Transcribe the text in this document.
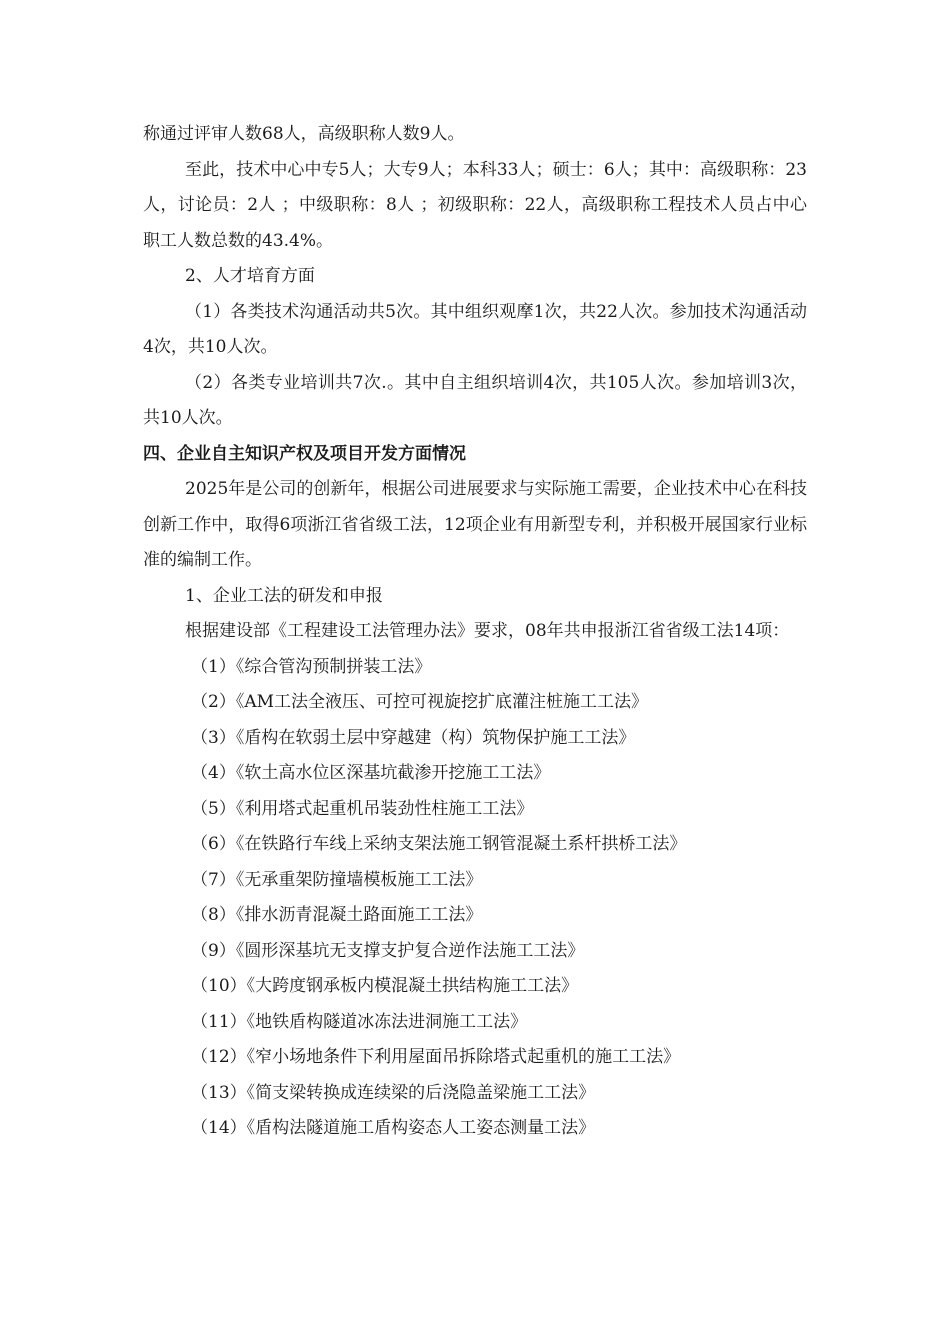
称通过评审人数68人，高级职称人数9人。

至此，技术中心中专5人；大专9人；本科33人；硕士：6人；其中：高级职称：23人，讨论员：2人 ；中级职称：8人 ；初级职称：22人，高级职称工程技术人员占中心职工人数总数的43.4%。

2、人才培育方面

（1）各类技术沟通活动共5次。其中组织观摩1次，共22人次。参加技术沟通活动4次，共10人次。

（2）各类专业培训共7次.。其中自主组织培训4次，共105人次。参加培训3次，共10人次。

四、企业自主知识产权及项目开发方面情况

2025年是公司的创新年，根据公司进展要求与实际施工需要，企业技术中心在科技创新工作中，取得6项浙江省省级工法，12项企业有用新型专利，并积极开展国家行业标准的编制工作。

1、企业工法的研发和申报

根据建设部《工程建设工法管理办法》要求，08年共申报浙江省省级工法14项：

（1）《综合管沟预制拼装工法》
（2）《AM工法全液压、可控可视旋挖扩底灌注桩施工工法》
（3）《盾构在软弱土层中穿越建（构）筑物保护施工工法》
（4）《软土高水位区深基坑截渗开挖施工工法》
（5）《利用塔式起重机吊装劲性柱施工工法》
（6）《在铁路行车线上采纳支架法施工钢管混凝土系杆拱桥工法》
（7）《无承重架防撞墙模板施工工法》
（8）《排水沥青混凝土路面施工工法》
（9）《圆形深基坑无支撑支护复合逆作法施工工法》
（10）《大跨度钢承板内模混凝土拱结构施工工法》
（11）《地铁盾构隧道冰冻法进洞施工工法》
（12）《窄小场地条件下利用屋面吊拆除塔式起重机的施工工法》
（13）《简支梁转换成连续梁的后浇隐盖梁施工工法》
（14）《盾构法隧道施工盾构姿态人工姿态测量工法》
